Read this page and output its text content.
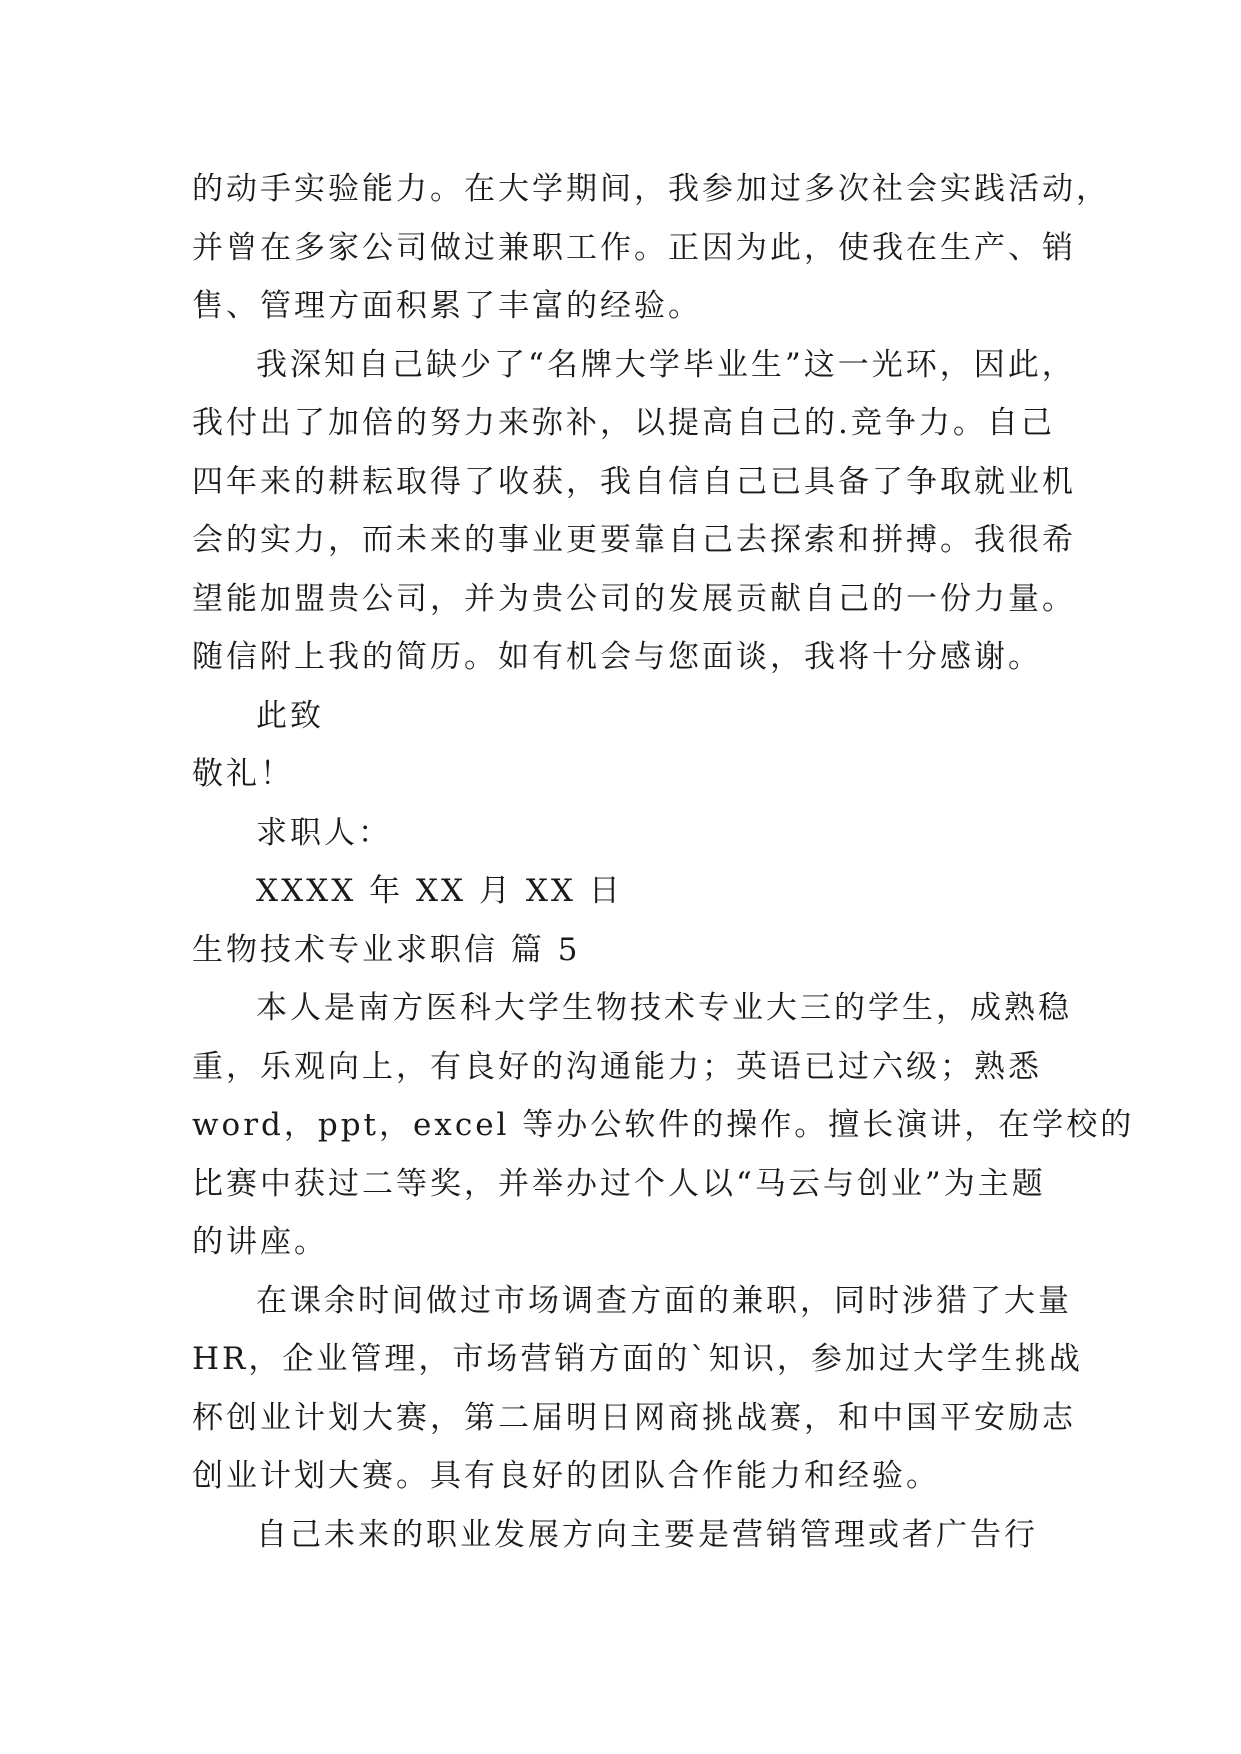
的动手实验能力。在大学期间，我参加过多次社会实践活动，
并曾在多家公司做过兼职工作。正因为此，使我在生产、销
售、管理方面积累了丰富的经验。
我深知自己缺少了“名牌大学毕业生”这一光环，因此，
我付出了加倍的努力来弥补，以提高自己的.竞争力。自己
四年来的耕耘取得了收获，我自信自己已具备了争取就业机
会的实力，而未来的事业更要靠自己去探索和拼搏。我很希
望能加盟贵公司，并为贵公司的发展贡献自己的一份力量。
随信附上我的简历。如有机会与您面谈，我将十分感谢。
此致
敬礼！
求职人：
XXXX 年 XX 月 XX 日
生物技术专业求职信 篇 5
本人是南方医科大学生物技术专业大三的学生，成熟稳
重，乐观向上，有良好的沟通能力；英语已过六级；熟悉
word，ppt，excel 等办公软件的操作。擅长演讲，在学校的
比赛中获过二等奖，并举办过个人以“马云与创业”为主题
的讲座。
在课余时间做过市场调查方面的兼职，同时涉猎了大量
HR，企业管理，市场营销方面的`知识，参加过大学生挑战
杯创业计划大赛，第二届明日网商挑战赛，和中国平安励志
创业计划大赛。具有良好的团队合作能力和经验。
自己未来的职业发展方向主要是营销管理或者广告行
